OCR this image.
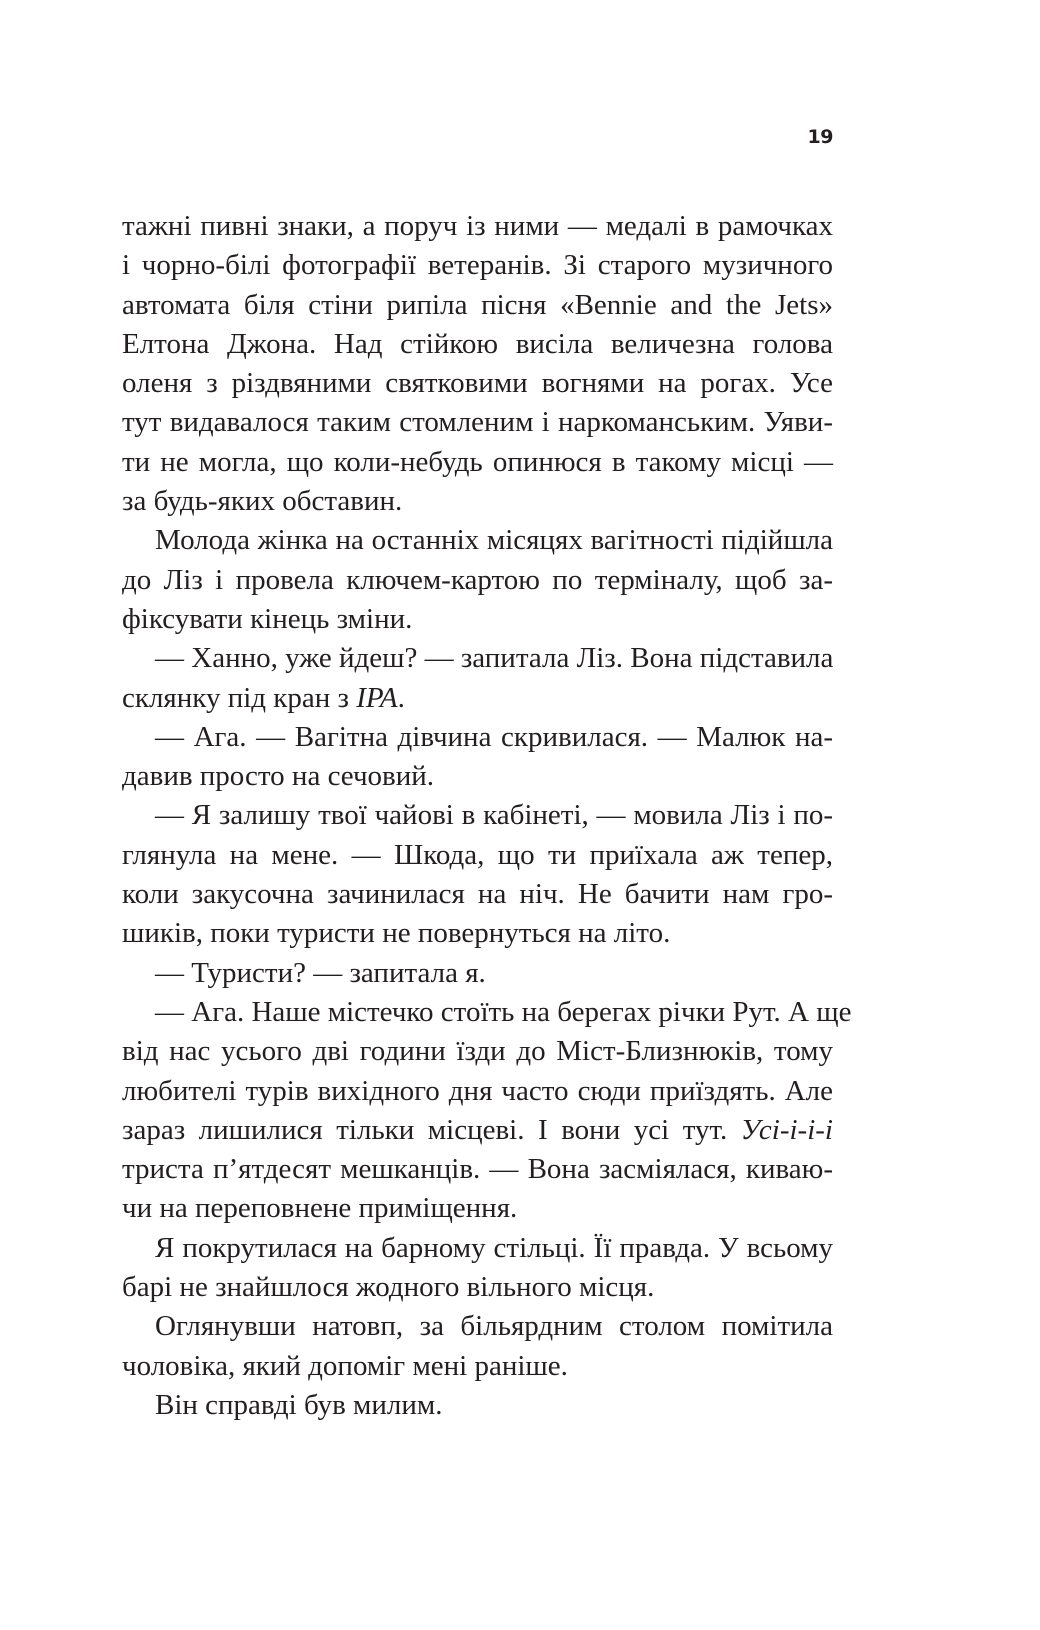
19

тажні пивні знаки, а поруч із ними — медалі в рамочках

і чорно-білі фотографії ветеранів. Зі старого музичного

автомата біля стіни рипіла пісня «Bennie and the Jets»

Елтона Джона. Над стійкою висіла величезна голова

оленя з різдвяними святковими вогнями на рогах. Усе

тут видавалося таким стомленим і наркоманським. Уяви-

ти не могла, що коли-небудь опинюся в такому місці —

за будь-яких обставин.

Молода жінка на останніх місяцях вагітності підійшла

до Ліз і провела ключем-картою по терміналу, щоб за-

фіксувати кінець зміни.

— Ханно, уже йдеш? — запитала Ліз. Вона підставила

склянку під кран з IPA.

— Ага. — Вагітна дівчина скривилася. — Малюк на-

давив просто на сечовий.

— Я залишу твої чайові в кабінеті, — мовила Ліз і по-

глянула на мене. — Шкода, що ти приїхала аж тепер,

коли закусочна зачинилася на ніч. Не бачити нам гро-

шиків, поки туристи не повернуться на літо.

— Туристи? — запитала я.

— Ага. Наше містечко стоїть на берегах річки Рут. А ще

від нас усього дві години їзди до Міст-Близнюків, тому

любителі турів вихідного дня часто сюди приїздять. Але

зараз лишилися тільки місцеві. І вони усі тут. Усі-і-і-і

триста п’ятдесят мешканців. — Вона засміялася, киваю-

чи на переповнене приміщення.

Я покрутилася на барному стільці. Її правда. У всьому

барі не знайшлося жодного вільного місця.

Оглянувши натовп, за більярдним столом помітила

чоловіка, який допоміг мені раніше.

Він справді був милим.
